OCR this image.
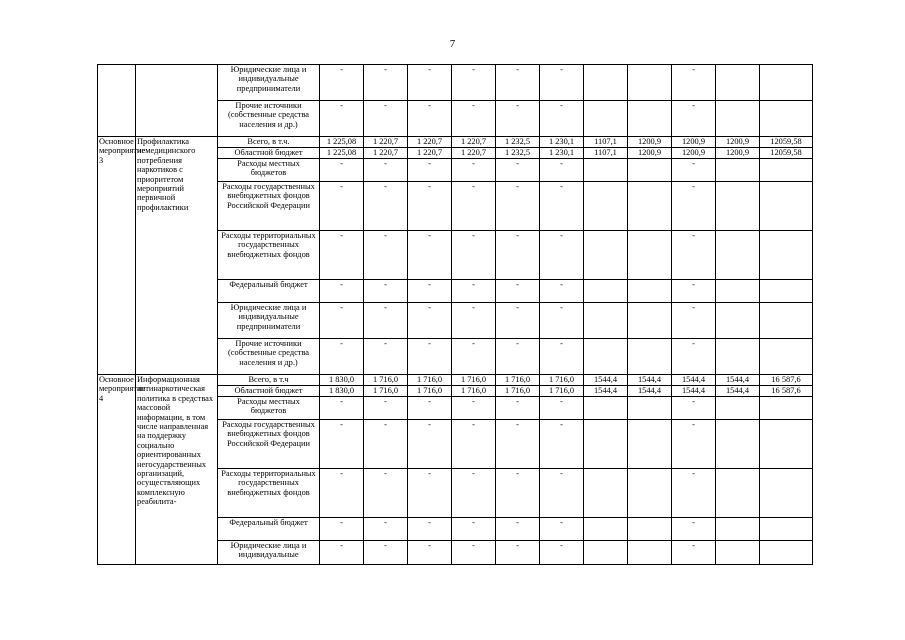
7
		Юридические лица и индивидуальные предприниматели	-	-	-	-	-	-			-		
		Прочие источники (собственные средства населения и др.)	-	-	-	-	-	-			-		
Основное мероприятие 3	Профилактика немедицинского потребления наркотиков с приоритетом мероприятий первичной профилактики	Всего, в т.ч.	1 225,08	1 220,7	1 220,7	1 220,7	1 232,5	1 230,1	1107,1	1200,9	1200,9	1200,9	12059,58
		Областной бюджет	1 225,08	1 220,7	1 220,7	1 220,7	1 232,5	1 230,1	1107,1	1200,9	1200,9	1200,9	12059,58
		Расходы местных бюджетов	-	-	-	-	-	-			-		
		Расходы государственных внебюджетных фондов Российской Федерации	-	-	-	-	-	-			-		
		Расходы территориальных государственных внебюджетных фондов	-	-	-	-	-	-			-		
		Федеральный бюджет	-	-	-	-	-	-			-		
		Юридические лица и индивидуальные предприниматели	-	-	-	-	-	-			-		
		Прочие источники (собственные средства населения и др.)	-	-	-	-	-	-			-		
Основное мероприятие 4	Информационная антинаркотическая политика в средствах массовой информации, в том числе направленная на поддержку социально ориентированных негосударственных организаций, осуществляющих комплексную реабилита-	Всего, в т.ч	1 830,0	1 716,0	1 716,0	1 716,0	1 716,0	1 716,0	1544,4	1544,4	1544,4	1544,4	16 587,6
		Областной бюджет	1 830,0	1 716,0	1 716,0	1 716,0	1 716,0	1 716,0	1544,4	1544,4	1544,4	1544,4	16 587,6
		Расходы местных бюджетов	-	-	-	-	-	-			-		
		Расходы государственных внебюджетных фондов Российской Федерации	-	-	-	-	-	-			-		
		Расходы территориальных государственных внебюджетных фондов	-	-	-	-	-	-			-		
		Федеральный бюджет	-	-	-	-	-	-			-		
		Юридические лица и индивидуальные	-	-	-	-	-	-			-		
